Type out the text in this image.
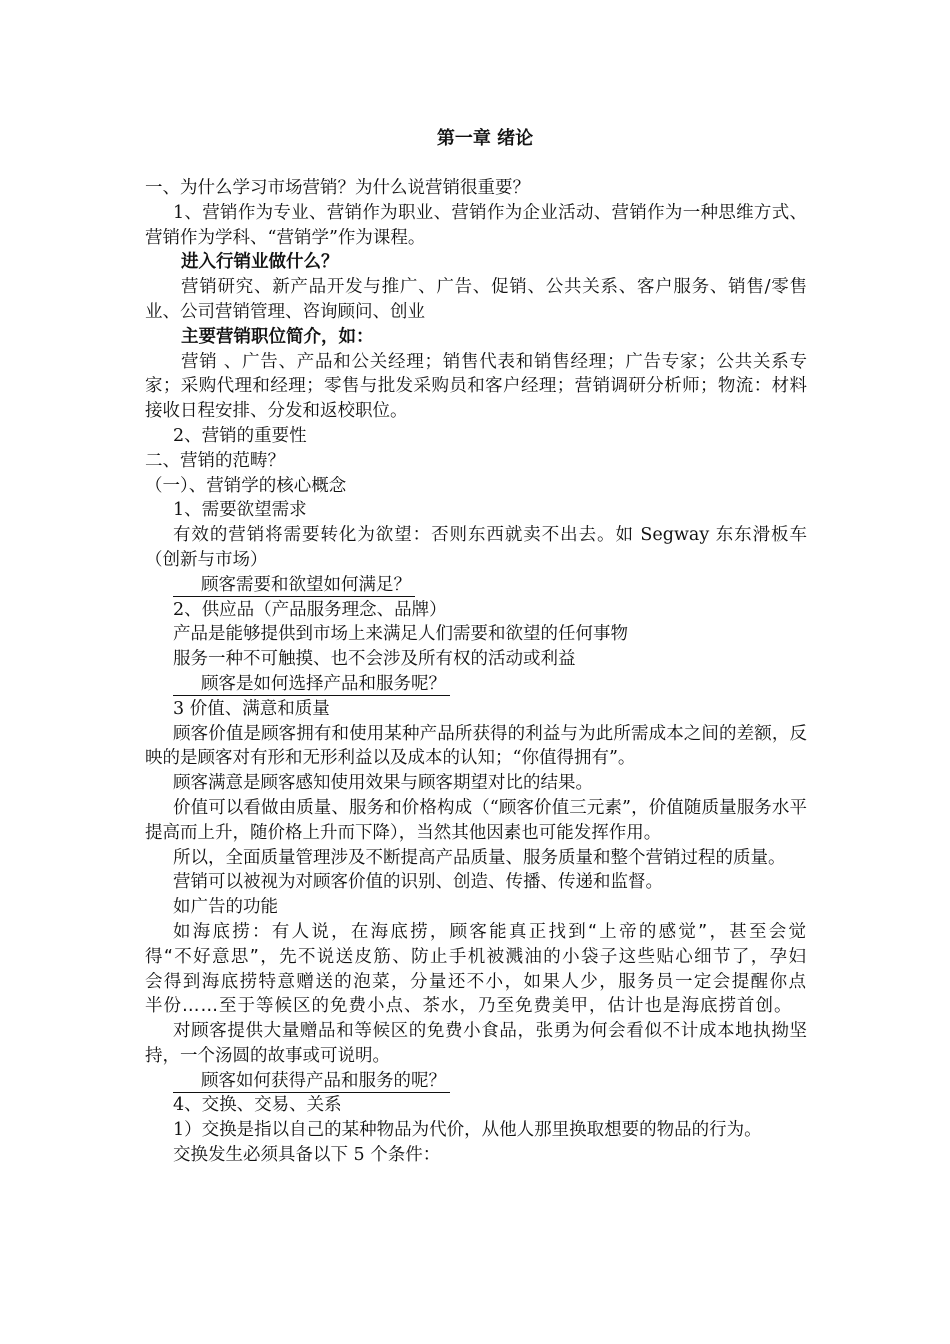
第一章 绪论

一、为什么学习市场营销？为什么说营销很重要？

1、营销作为专业、营销作为职业、营销作为企业活动、营销作为一种思维方式、营销作为学科、“营销学”作为课程。

进入行销业做什么？

营销研究、新产品开发与推广、广告、促销、公共关系、客户服务、销售/零售业、公司营销管理、咨询顾问、创业

主要营销职位简介，如：

营销 、广告、产品和公关经理；销售代表和销售经理；广告专家；公共关系专家；采购代理和经理；零售与批发采购员和客户经理；营销调研分析师；物流：材料接收日程安排、分发和返校职位。

2、营销的重要性

二、营销的范畴？

（一）、营销学的核心概念

1、需要欲望需求

有效的营销将需要转化为欲望：否则东西就卖不出去。如 Segway 东东滑板车（创新与市场）

顾客需要和欲望如何满足？

2、供应品（产品服务理念、品牌）

产品是能够提供到市场上来满足人们需要和欲望的任何事物

服务一种不可触摸、也不会涉及所有权的活动或利益

顾客是如何选择产品和服务呢？

3 价值、满意和质量

顾客价值是顾客拥有和使用某种产品所获得的利益与为此所需成本之间的差额，反映的是顾客对有形和无形利益以及成本的认知；“你值得拥有”。

顾客满意是顾客感知使用效果与顾客期望对比的结果。

价值可以看做由质量、服务和价格构成（“顾客价值三元素”，价值随质量服务水平提高而上升，随价格上升而下降），当然其他因素也可能发挥作用。

所以，全面质量管理涉及不断提高产品质量、服务质量和整个营销过程的质量。

营销可以被视为对顾客价值的识别、创造、传播、传递和监督。

如广告的功能

如海底捞：有人说，在海底捞，顾客能真正找到“上帝的感觉”，甚至会觉得“不好意思”，先不说送皮筋、防止手机被溅油的小袋子这些贴心细节了，孕妇会得到海底捞特意赠送的泡菜，分量还不小，如果人少，服务员一定会提醒你点半份……至于等候区的免费小点、茶水，乃至免费美甲，估计也是海底捞首创。

对顾客提供大量赠品和等候区的免费小食品，张勇为何会看似不计成本地执拗坚持，一个汤圆的故事或可说明。

顾客如何获得产品和服务的呢？

4、交换、交易、关系

1）交换是指以自己的某种物品为代价，从他人那里换取想要的物品的行为。

交换发生必须具备以下 5 个条件：
